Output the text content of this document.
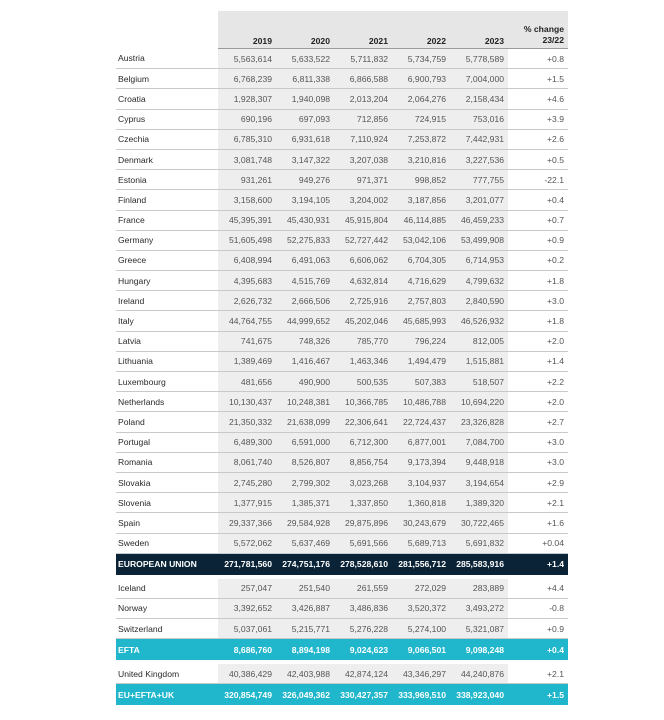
	2019	2020	2021	2022	2023	% change
23/22
Austria	5,563,614	5,633,522	5,711,832	5,734,759	5,778,589	+0.8
Belgium	6,768,239	6,811,338	6,866,588	6,900,793	7,004,000	+1.5
Croatia	1,928,307	1,940,098	2,013,204	2,064,276	2,158,434	+4.6
Cyprus	690,196	697,093	712,856	724,915	753,016	+3.9
Czechia	6,785,310	6,931,618	7,110,924	7,253,872	7,442,931	+2.6
Denmark	3,081,748	3,147,322	3,207,038	3,210,816	3,227,536	+0.5
Estonia	931,261	949,276	971,371	998,852	777,755	-22.1
Finland	3,158,600	3,194,105	3,204,002	3,187,856	3,201,077	+0.4
France	45,395,391	45,430,931	45,915,804	46,114,885	46,459,233	+0.7
Germany	51,605,498	52,275,833	52,727,442	53,042,106	53,499,908	+0.9
Greece	6,408,994	6,491,063	6,606,062	6,704,305	6,714,953	+0.2
Hungary	4,395,683	4,515,769	4,632,814	4,716,629	4,799,632	+1.8
Ireland	2,626,732	2,666,506	2,725,916	2,757,803	2,840,590	+3.0
Italy	44,764,755	44,999,652	45,202,046	45,685,993	46,526,932	+1.8
Latvia	741,675	748,326	785,770	796,224	812,005	+2.0
Lithuania	1,389,469	1,416,467	1,463,346	1,494,479	1,515,881	+1.4
Luxembourg	481,656	490,900	500,535	507,383	518,507	+2.2
Netherlands	10,130,437	10,248,381	10,366,785	10,486,788	10,694,220	+2.0
Poland	21,350,332	21,638,099	22,306,641	22,724,437	23,326,828	+2.7
Portugal	6,489,300	6,591,000	6,712,300	6,877,001	7,084,700	+3.0
Romania	8,061,740	8,526,807	8,856,754	9,173,394	9,448,918	+3.0
Slovakia	2,745,280	2,799,302	3,023,268	3,104,937	3,194,654	+2.9
Slovenia	1,377,915	1,385,371	1,337,850	1,360,818	1,389,320	+2.1
Spain	29,337,366	29,584,928	29,875,896	30,243,679	30,722,465	+1.6
Sweden	5,572,062	5,637,469	5,691,566	5,689,713	5,691,832	+0.04
EUROPEAN UNION	271,781,560	274,751,176	278,528,610	281,556,712	285,583,916	+1.4

Iceland	257,047	251,540	261,559	272,029	283,889	+4.4
Norway	3,392,652	3,426,887	3,486,836	3,520,372	3,493,272	-0.8
Switzerland	5,037,061	5,215,771	5,276,228	5,274,100	5,321,087	+0.9
EFTA	8,686,760	8,894,198	9,024,623	9,066,501	9,098,248	+0.4

United Kingdom	40,386,429	42,403,988	42,874,124	43,346,297	44,240,876	+2.1
EU+EFTA+UK	320,854,749	326,049,362	330,427,357	333,969,510	338,923,040	+1.5
